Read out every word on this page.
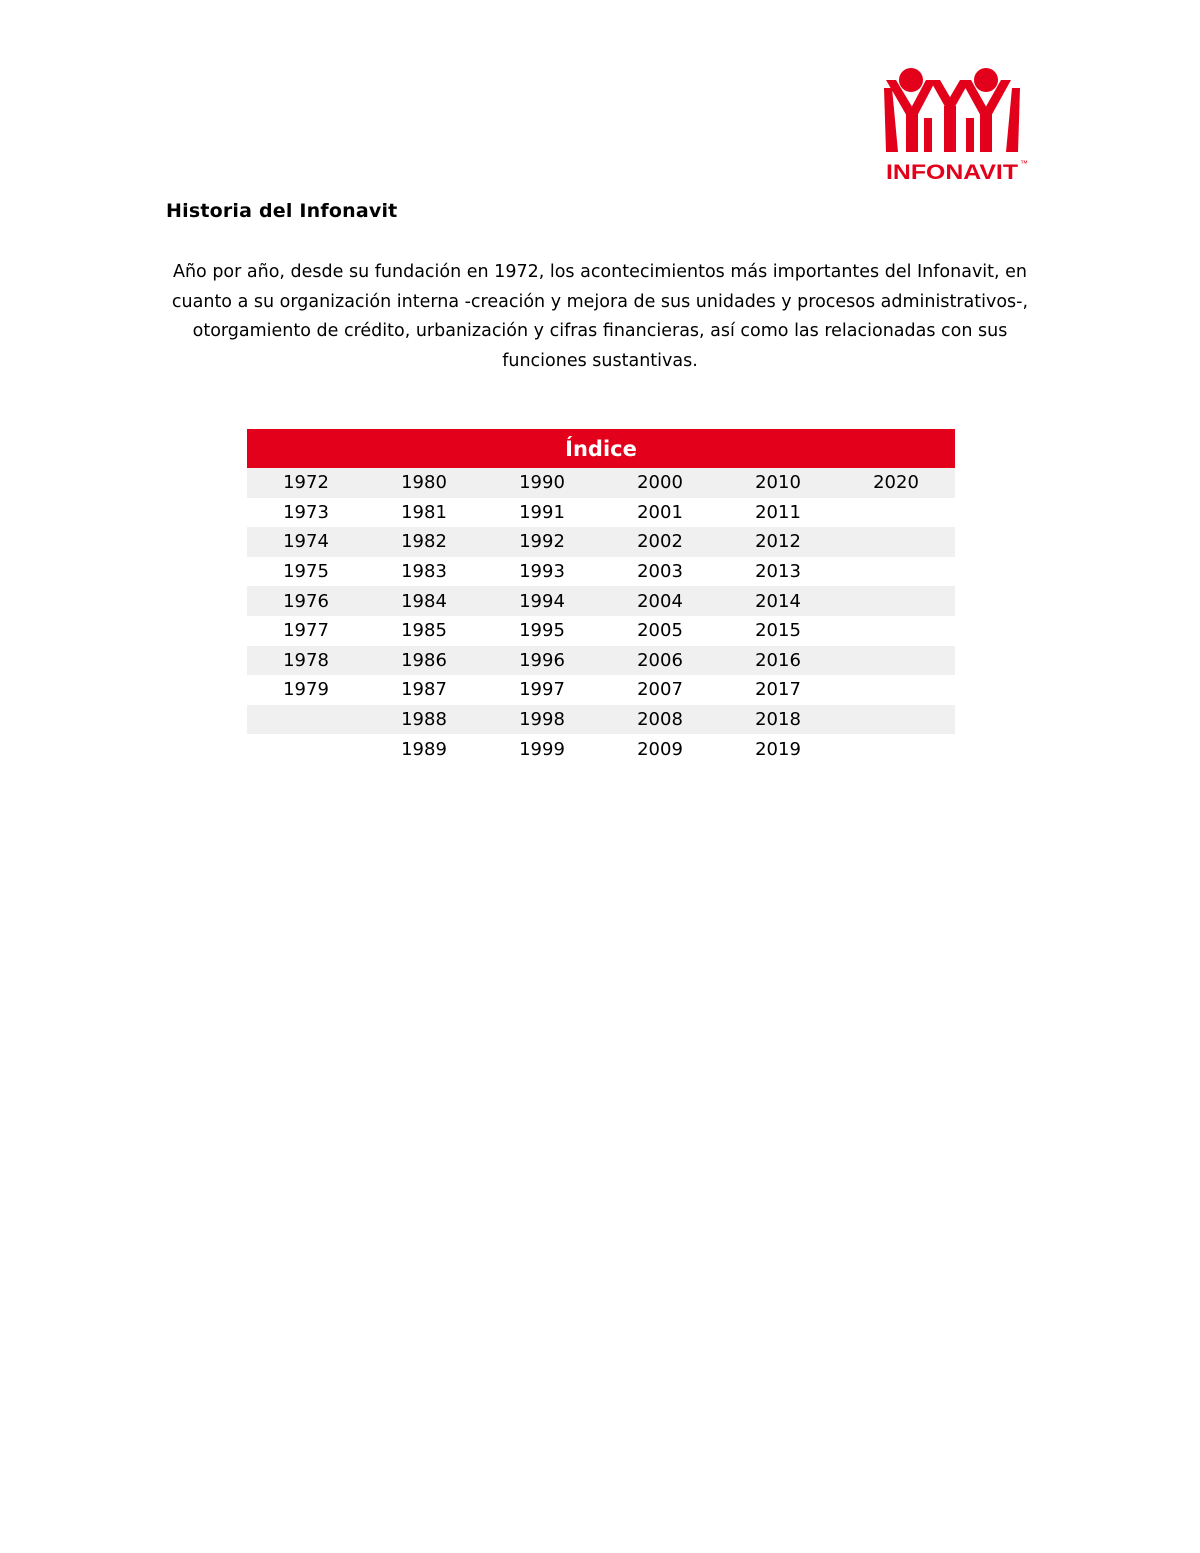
INFONAVIT ™
Historia del Infonavit
Año por año, desde su fundación en 1972, los acontecimientos más importantes del Infonavit, en cuanto a su organización interna -creación y mejora de sus unidades y procesos administrativos-, otorgamiento de crédito, urbanización y cifras financieras, así como las relacionadas con sus funciones sustantivas.
Índice					
1972	1980	1990	2000	2010	2020
1973	1981	1991	2001	2011	
1974	1982	1992	2002	2012	
1975	1983	1993	2003	2013	
1976	1984	1994	2004	2014	
1977	1985	1995	2005	2015	
1978	1986	1996	2006	2016	
1979	1987	1997	2007	2017	
	1988	1998	2008	2018	
	1989	1999	2009	2019	
